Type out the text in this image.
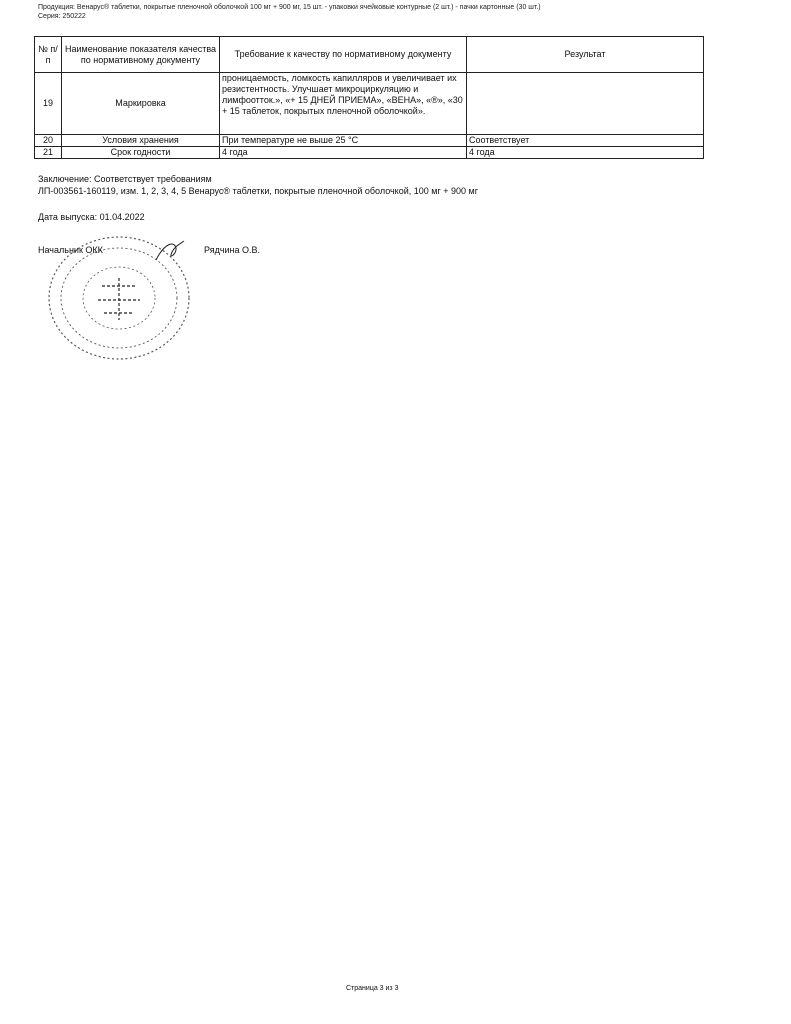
Продукция: Венарус® таблетки, покрытые пленочной оболочкой 100 мг + 900 мг, 15 шт. - упаковки ячейковые контурные (2 шт.) - пачки картонные (30 шт.)
Серия: 250222
№ п/п	Наименование показателя качества по нормативному документу	Требование к качеству по нормативному документу	Результат
19	Маркировка	проницаемость, ломкость капилляров и увеличивает их резистентность. Улучшает микроциркуляцию и лимфоотток.», «+ 15 ДНЕЙ ПРИЕМА», «ВЕНА», «®», «30 + 15 таблеток, покрытых пленочной оболочкой».	
20	Условия хранения	При температуре не выше 25 °C	Соответствует
21	Срок годности	4 года	4 года
Заключение: Соответствует требованиям
ЛП-003561-160119, изм. 1, 2, 3, 4, 5 Венарус® таблетки, покрытые пленочной оболочкой, 100 мг + 900 мг
Дата выпуска: 01.04.2022
Начальник ОКК	Рядчина О.В.
Страница 3 из 3
